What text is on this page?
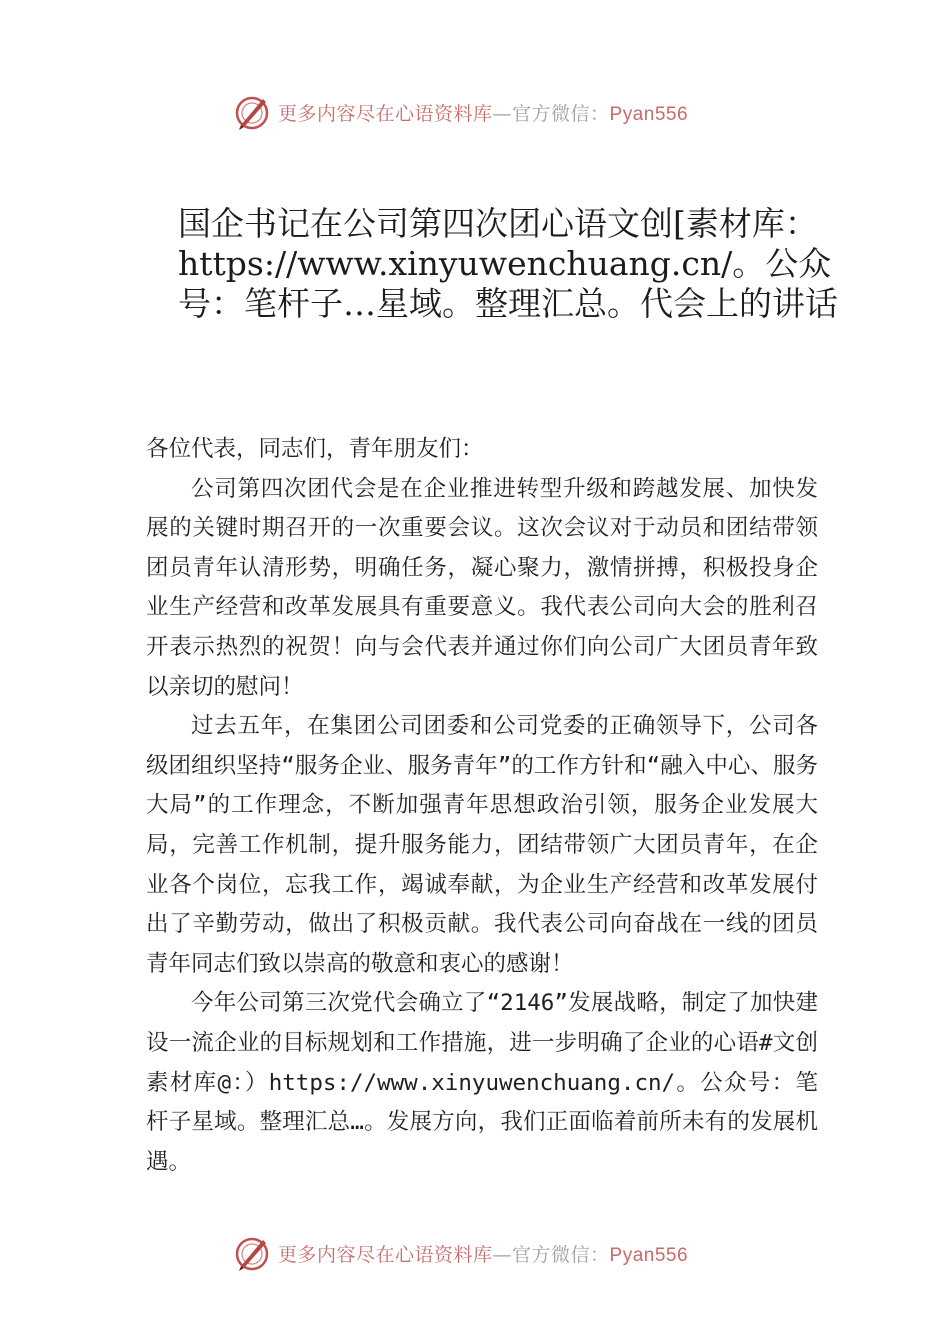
更多内容尽在心语资料库—官方微信：Pyan556
国企书记在公司第四次团心语文创[素材库：https://www.xinyuwenchuang.cn/。公众号：笔杆子…星域。整理汇总。代会上的讲话

各位代表，同志们，青年朋友们：

公司第四次团代会是在企业推进转型升级和跨越发展、加快发展的关键时期召开的一次重要会议。这次会议对于动员和团结带领团员青年认清形势，明确任务，凝心聚力，激情拼搏，积极投身企业生产经营和改革发展具有重要意义。我代表公司向大会的胜利召开表示热烈的祝贺！向与会代表并通过你们向公司广大团员青年致以亲切的慰问！

过去五年，在集团公司团委和公司党委的正确领导下，公司各级团组织坚持“服务企业、服务青年”的工作方针和“融入中心、服务大局”的工作理念，不断加强青年思想政治引领，服务企业发展大局，完善工作机制，提升服务能力，团结带领广大团员青年，在企业各个岗位，忘我工作，竭诚奉献，为企业生产经营和改革发展付出了辛勤劳动，做出了积极贡献。我代表公司向奋战在一线的团员青年同志们致以崇高的敬意和衷心的感谢！

今年公司第三次党代会确立了“2146”发展战略，制定了加快建设一流企业的目标规划和工作措施，进一步明确了企业的心语#文创素材库@：）https://www.xinyuwenchuang.cn/。公众号：笔杆子星域。整理汇总…。发展方向，我们正面临着前所未有的发展机遇。

更多内容尽在心语资料库—官方微信：Pyan556
